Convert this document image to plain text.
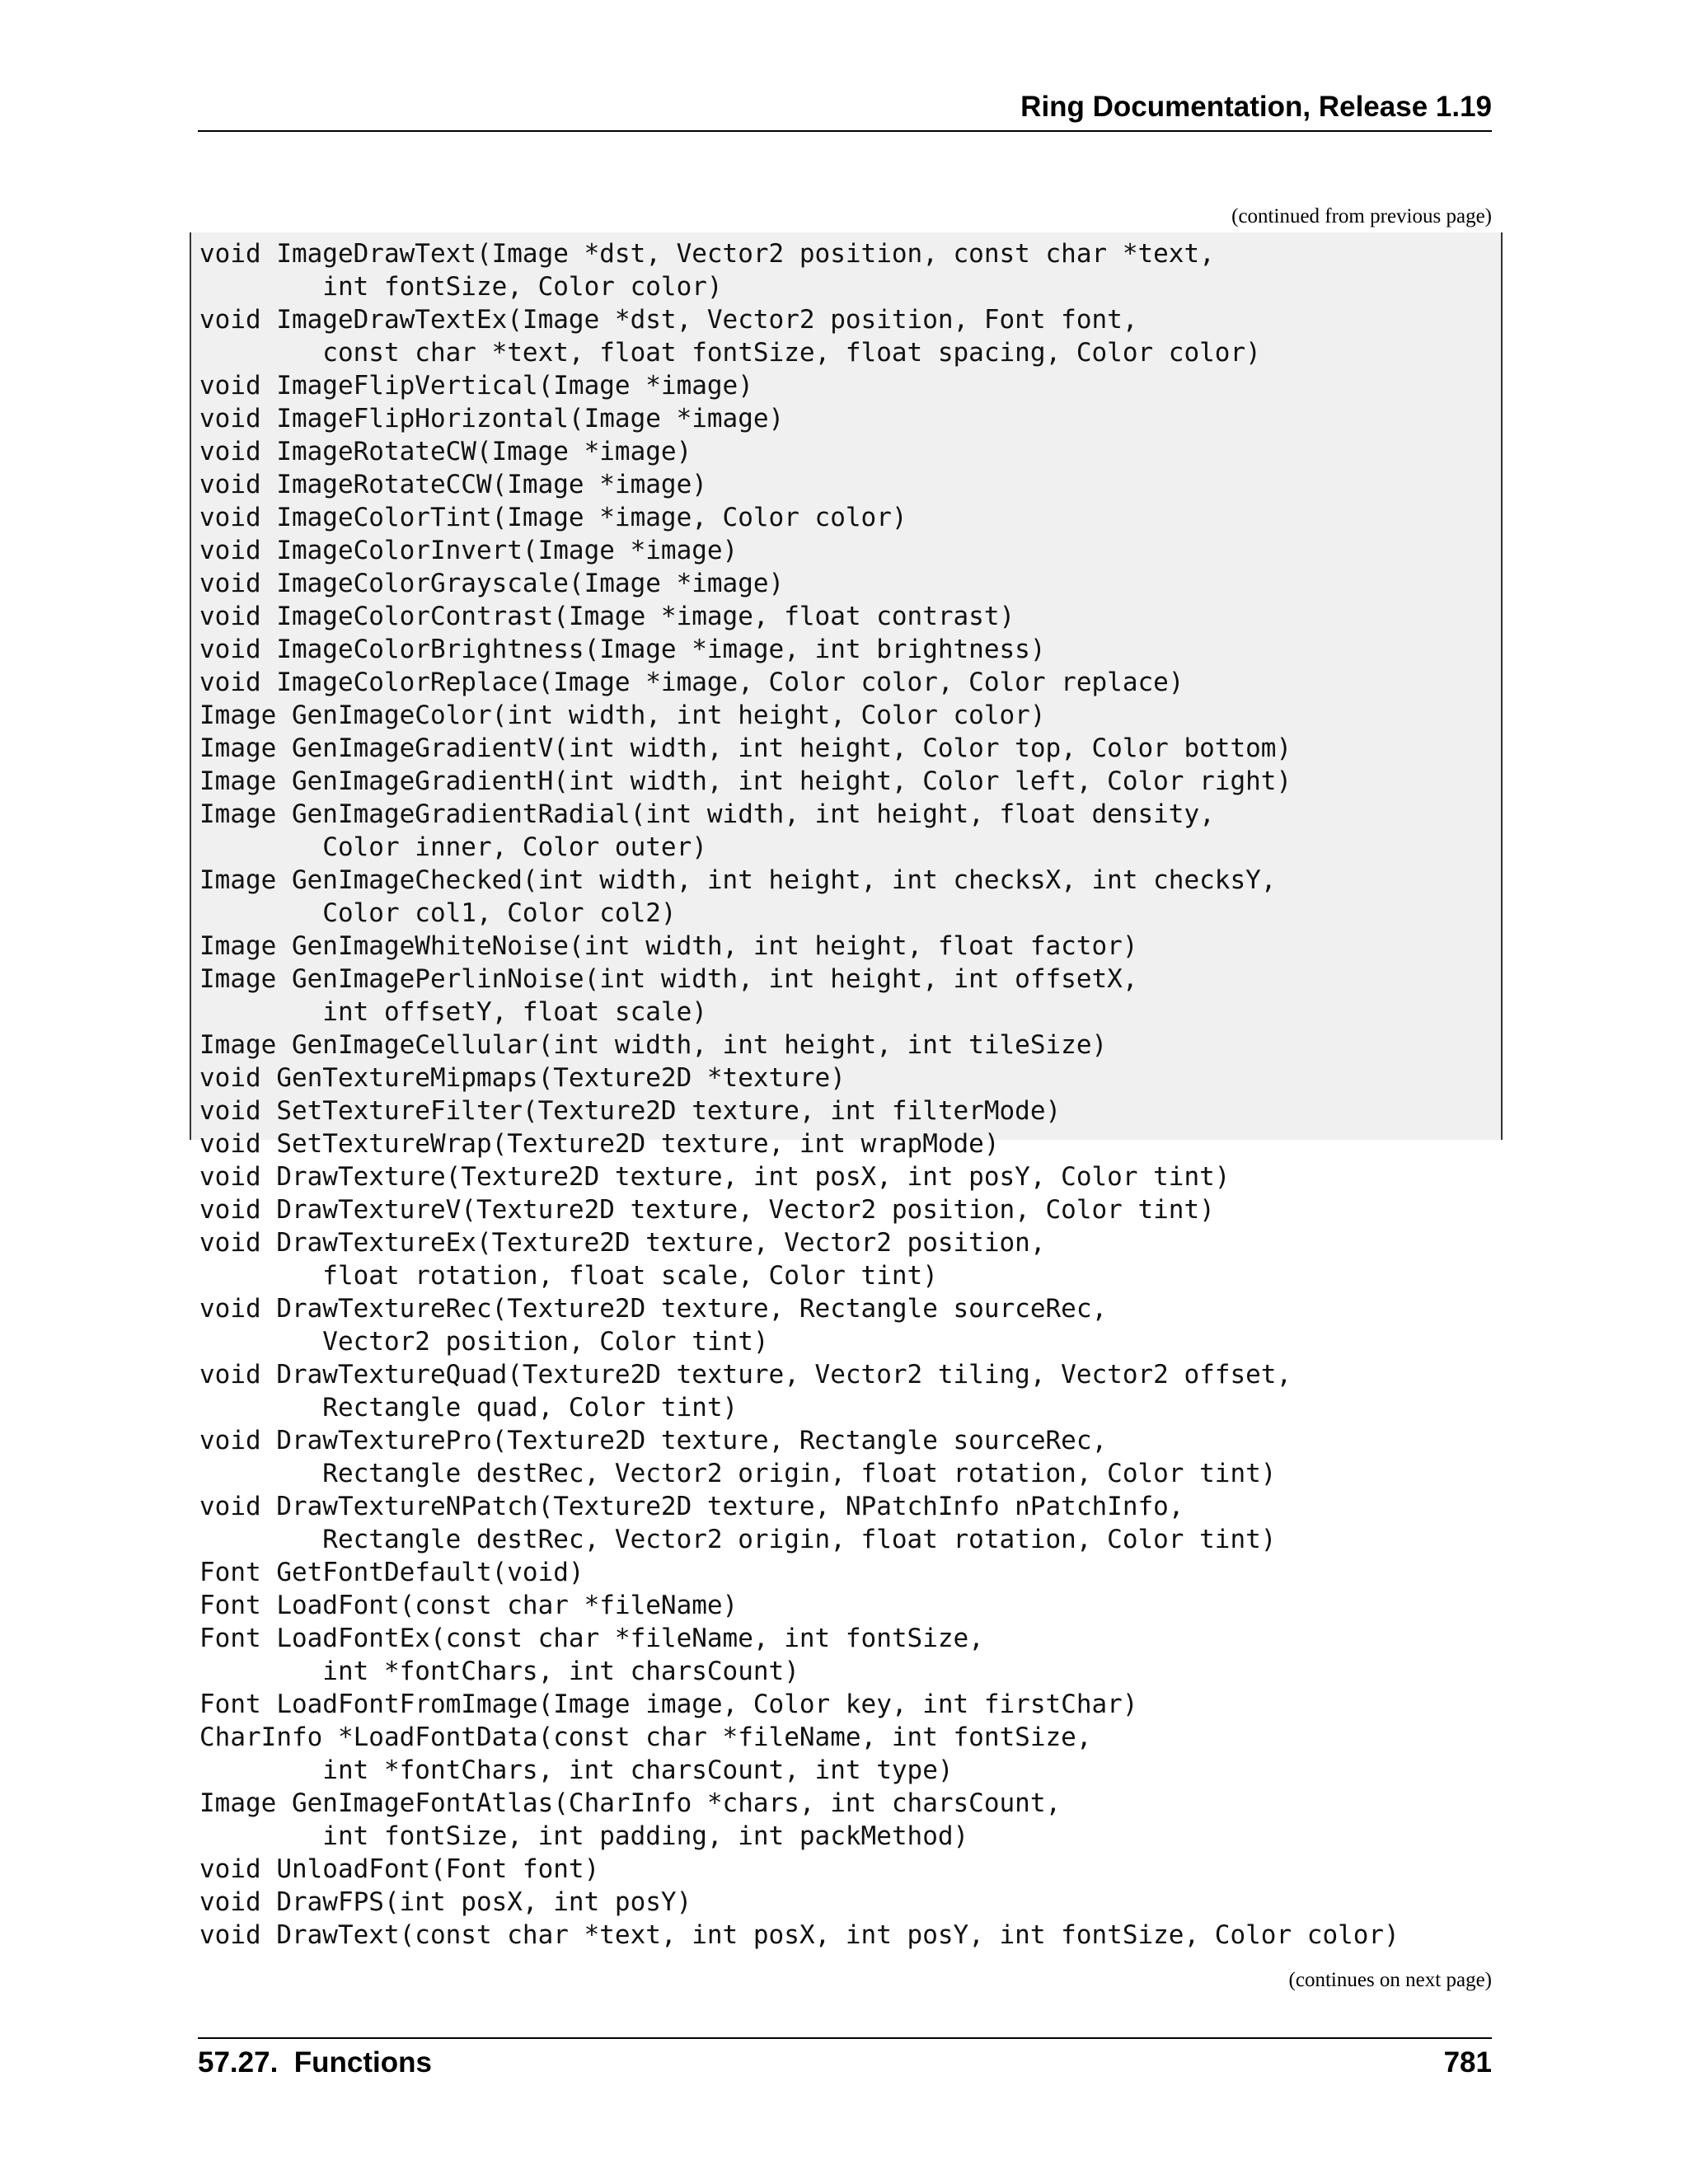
Ring Documentation, Release 1.19
(continued from previous page)
void ImageDrawText(Image *dst, Vector2 position, const char *text,
int fontSize, Color color)
void ImageDrawTextEx(Image *dst, Vector2 position, Font font,
const char *text, float fontSize, float spacing, Color color)
void ImageFlipVertical(Image *image)
void ImageFlipHorizontal(Image *image)
void ImageRotateCW(Image *image)
void ImageRotateCCW(Image *image)
void ImageColorTint(Image *image, Color color)
void ImageColorInvert(Image *image)
void ImageColorGrayscale(Image *image)
void ImageColorContrast(Image *image, float contrast)
void ImageColorBrightness(Image *image, int brightness)
void ImageColorReplace(Image *image, Color color, Color replace)
Image GenImageColor(int width, int height, Color color)
Image GenImageGradientV(int width, int height, Color top, Color bottom)
Image GenImageGradientH(int width, int height, Color left, Color right)
Image GenImageGradientRadial(int width, int height, float density,
Color inner, Color outer)
Image GenImageChecked(int width, int height, int checksX, int checksY,
Color col1, Color col2)
Image GenImageWhiteNoise(int width, int height, float factor)
Image GenImagePerlinNoise(int width, int height, int offsetX,
int offsetY, float scale)
Image GenImageCellular(int width, int height, int tileSize)
void GenTextureMipmaps(Texture2D *texture)
void SetTextureFilter(Texture2D texture, int filterMode)
void SetTextureWrap(Texture2D texture, int wrapMode)
void DrawTexture(Texture2D texture, int posX, int posY, Color tint)
void DrawTextureV(Texture2D texture, Vector2 position, Color tint)
void DrawTextureEx(Texture2D texture, Vector2 position,
float rotation, float scale, Color tint)
void DrawTextureRec(Texture2D texture, Rectangle sourceRec,
Vector2 position, Color tint)
void DrawTextureQuad(Texture2D texture, Vector2 tiling, Vector2 offset,
Rectangle quad, Color tint)
void DrawTexturePro(Texture2D texture, Rectangle sourceRec,
Rectangle destRec, Vector2 origin, float rotation, Color tint)
void DrawTextureNPatch(Texture2D texture, NPatchInfo nPatchInfo,
Rectangle destRec, Vector2 origin, float rotation, Color tint)
Font GetFontDefault(void)
Font LoadFont(const char *fileName)
Font LoadFontEx(const char *fileName, int fontSize,
int *fontChars, int charsCount)
Font LoadFontFromImage(Image image, Color key, int firstChar)
CharInfo *LoadFontData(const char *fileName, int fontSize,
int *fontChars, int charsCount, int type)
Image GenImageFontAtlas(CharInfo *chars, int charsCount,
int fontSize, int padding, int packMethod)
void UnloadFont(Font font)
void DrawFPS(int posX, int posY)
void DrawText(const char *text, int posX, int posY, int fontSize, Color color)
(continues on next page)
57.27.  Functions	781
